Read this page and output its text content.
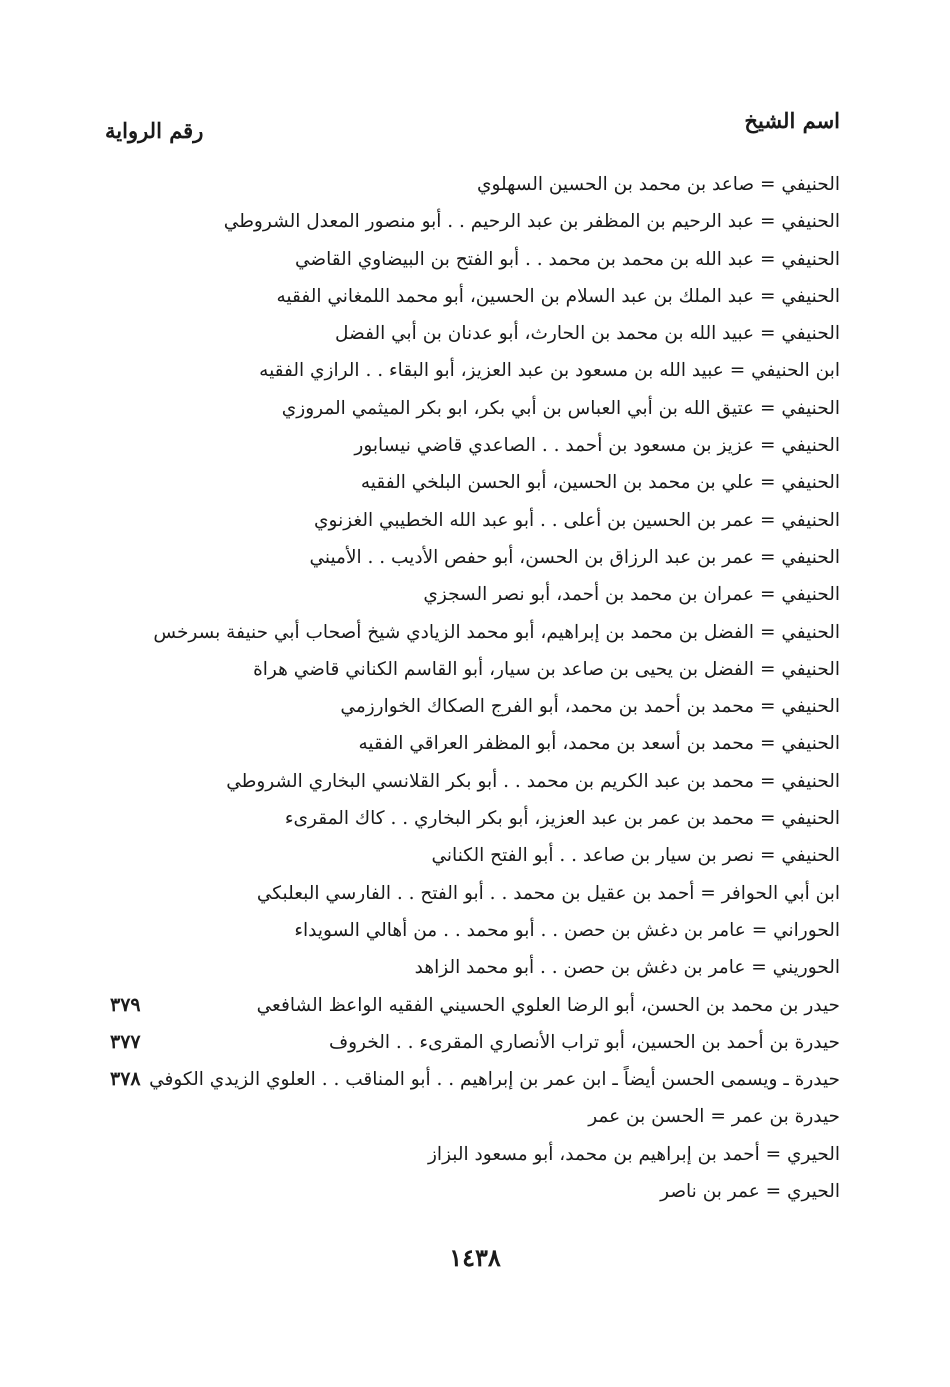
اسم الشيخ
رقم الرواية
الحنيفي = صاعد بن محمد بن الحسين السهلوي
الحنيفي = عبد الرحيم بن المظفر بن عبد الرحيم . . أبو منصور المعدل الشروطي
الحنيفي = عبد الله بن محمد بن محمد . . أبو الفتح بن البيضاوي القاضي
الحنيفي = عبد الملك بن عبد السلام بن الحسين، أبو محمد اللمغاني الفقيه
الحنيفي = عبيد الله بن محمد بن الحارث، أبو عدنان بن أبي الفضل
ابن الحنيفي = عبيد الله بن مسعود بن عبد العزيز، أبو البقاء . . الرازي الفقيه
الحنيفي = عتيق الله بن أبي العباس بن أبي بكر، ابو بكر الميثمي المروزي
الحنيفي = عزيز بن مسعود بن أحمد . . الصاعدي قاضي نيسابور
الحنيفي = علي بن محمد بن الحسين، أبو الحسن البلخي الفقيه
الحنيفي = عمر بن الحسين بن أعلى . . أبو عبد الله الخطيبي الغزنوي
الحنيفي = عمر بن عبد الرزاق بن الحسن، أبو حفص الأديب . . الأميني
الحنيفي = عمران بن محمد بن أحمد، أبو نصر السجزي
الحنيفي = الفضل بن محمد بن إبراهيم، أبو محمد الزيادي شيخ أصحاب أبي حنيفة بسرخس
الحنيفي = الفضل بن يحيى بن صاعد بن سيار، أبو القاسم الكناني قاضي هراة
الحنيفي = محمد بن أحمد بن محمد، أبو الفرج الصكاك الخوارزمي
الحنيفي = محمد بن أسعد بن محمد، أبو المظفر العراقي الفقيه
الحنيفي = محمد بن عبد الكريم بن محمد . . أبو بكر القلانسي البخاري الشروطي
الحنيفي = محمد بن عمر بن عبد العزيز، أبو بكر البخاري . . كاك المقرىء
الحنيفي = نصر بن سيار بن صاعد . . أبو الفتح الكناني
ابن أبي الحوافر = أحمد بن عقيل بن محمد . . أبو الفتح . . الفارسي البعلبكي
الحوراني = عامر بن دغش بن حصن . . أبو محمد . . من أهالي السويداء
الحوريني = عامر بن دغش بن حصن . . أبو محمد الزاهد
حيدر بن محمد بن الحسن، أبو الرضا العلوي الحسيني الفقيه الواعظ الشافعي
٣٧٩
حيدرة بن أحمد بن الحسين، أبو تراب الأنصاري المقرىء . . الخروف
٣٧٧
حيدرة ـ ويسمى الحسن أيضاً ـ ابن عمر بن إبراهيم . . أبو المناقب . . العلوي الزيدي الكوفي
٣٧٨
حيدرة بن عمر = الحسن بن عمر
الحيري = أحمد بن إبراهيم بن محمد، أبو مسعود البزاز
الحيري = عمر بن ناصر
١٤٣٨
